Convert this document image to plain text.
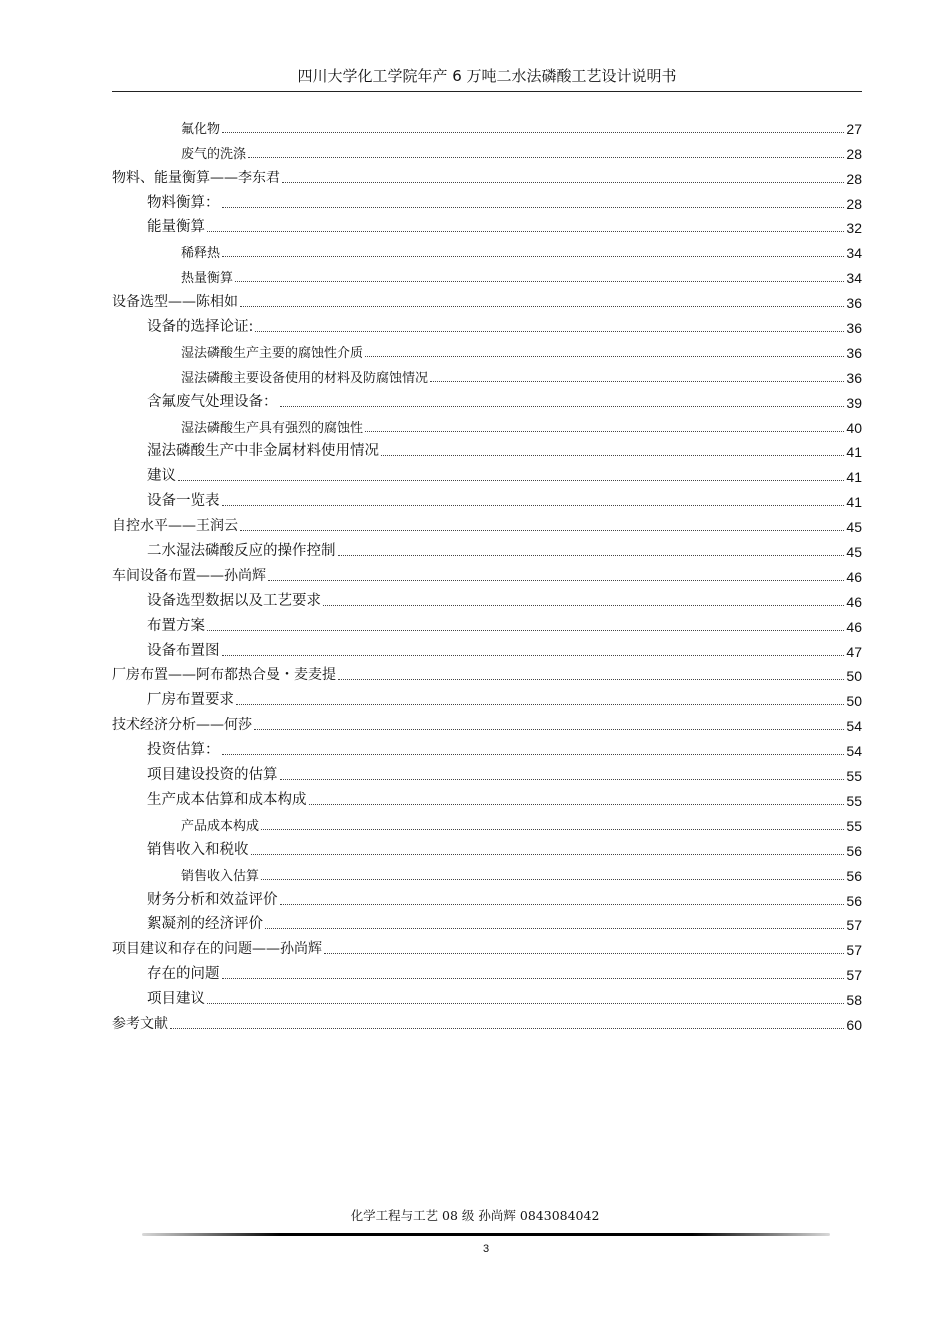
四川大学化工学院年产 6 万吨二水法磷酸工艺设计说明书
氟化物	27
废气的洗涤	28
物料、能量衡算——李东君	28
物料衡算：	28
能量衡算	32
稀释热	34
热量衡算	34
设备选型——陈相如	36
设备的选择论证:	36
湿法磷酸生产主要的腐蚀性介质	36
湿法磷酸主要设备使用的材料及防腐蚀情况	36
含氟废气处理设备：	39
湿法磷酸生产具有强烈的腐蚀性	40
湿法磷酸生产中非金属材料使用情况	41
建议	41
设备一览表	41
自控水平——王润云	45
二水湿法磷酸反应的操作控制	45
车间设备布置——孙尚辉	46
设备选型数据以及工艺要求	46
布置方案	46
设备布置图	47
厂房布置——阿布都热合曼・麦麦提	50
厂房布置要求	50
技术经济分析——何莎	54
投资估算：	54
项目建设投资的估算	55
生产成本估算和成本构成	55
产品成本构成	55
销售收入和税收	56
销售收入估算	56
财务分析和效益评价	56
絮凝剂的经济评价	57
项目建议和存在的问题——孙尚辉	57
存在的问题	57
项目建议	58
参考文献	60
化学工程与工艺 08 级 孙尚辉 0843084042
3
